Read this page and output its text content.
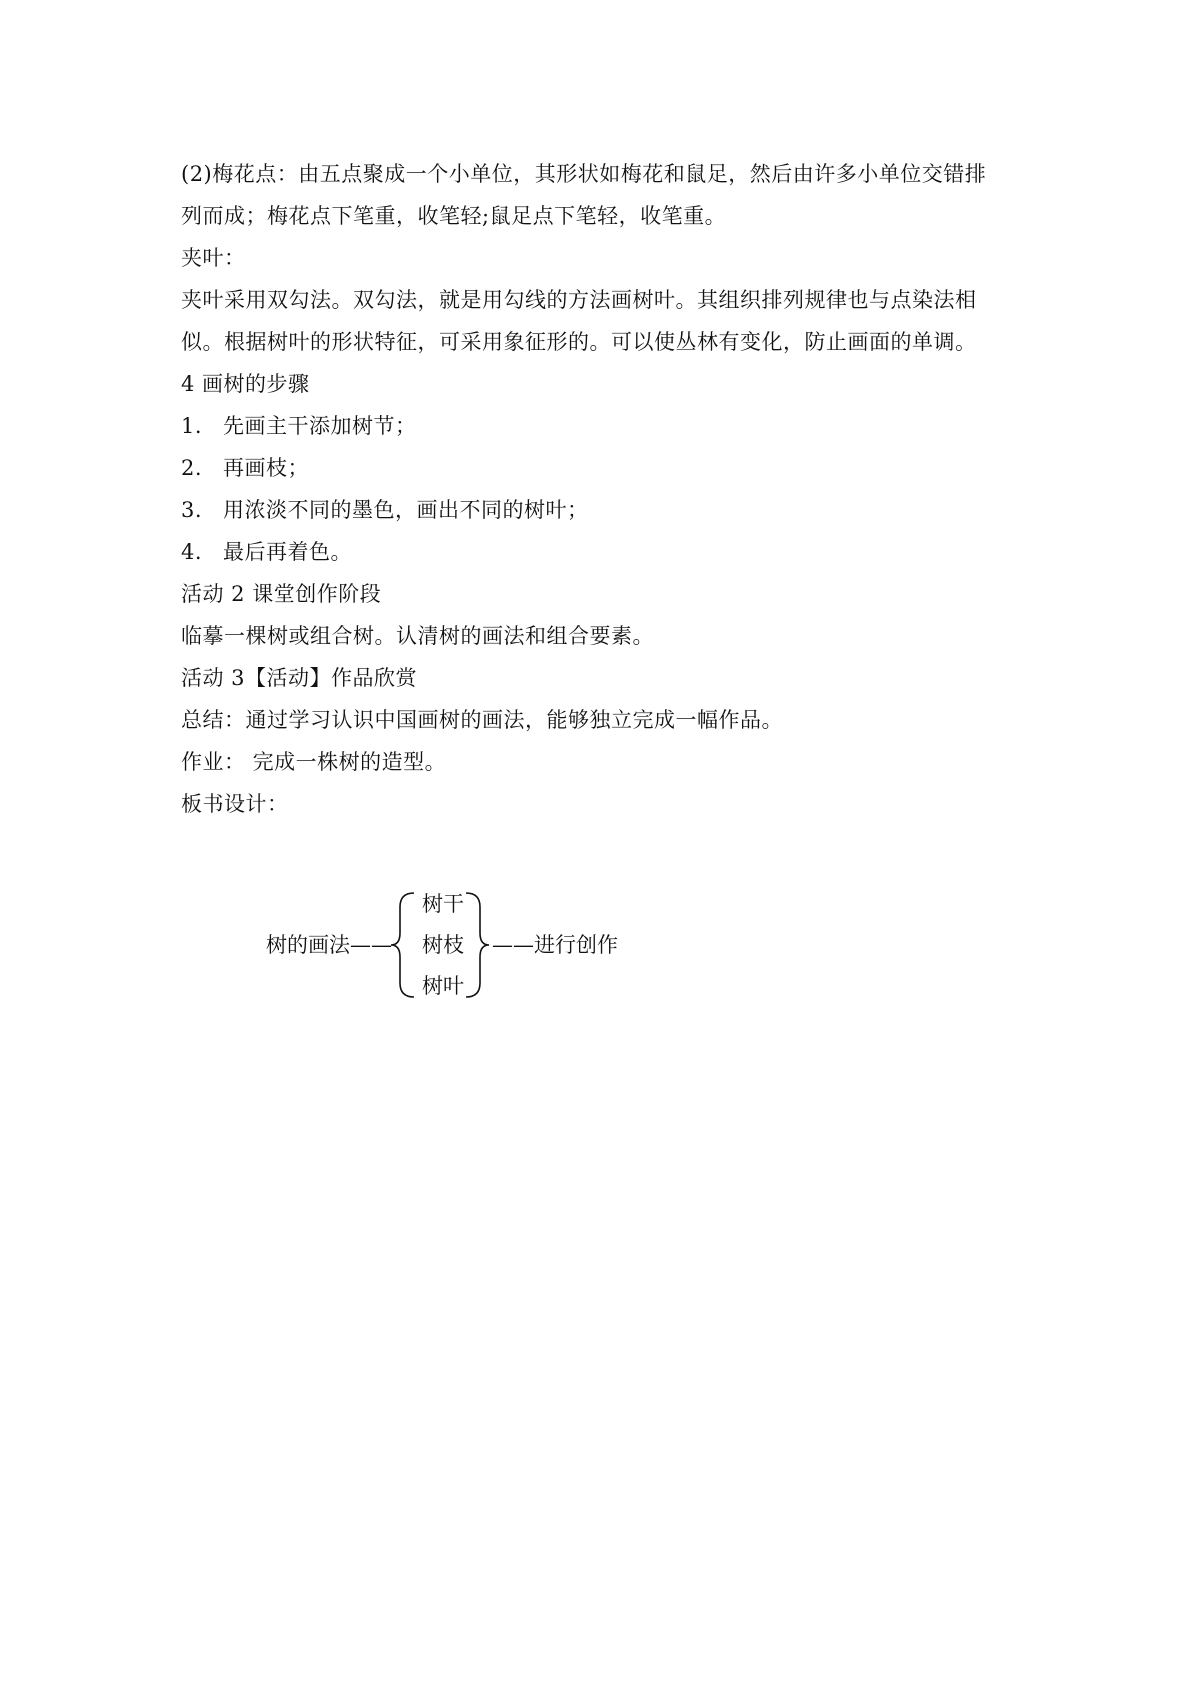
(2)梅花点：由五点聚成一个小单位，其形状如梅花和鼠足，然后由许多小单位交错排
列而成；梅花点下笔重，收笔轻;鼠足点下笔轻，收笔重。
夹叶：
夹叶采用双勾法。双勾法，就是用勾线的方法画树叶。其组织排列规律也与点染法相
似。根据树叶的形状特征，可采用象征形的。可以使丛林有变化，防止画面的单调。
4 画树的步骤
1. 先画主干添加树节；
2. 再画枝；
3. 用浓淡不同的墨色，画出不同的树叶；
4. 最后再着色。
活动 2 课堂创作阶段
临摹一棵树或组合树。认清树的画法和组合要素。
活动 3【活动】作品欣赏
总结：通过学习认识中国画树的画法，能够独立完成一幅作品。
作业： 完成一株树的造型。
板书设计：
树的画法——
树干
树枝
树叶
——进行创作
